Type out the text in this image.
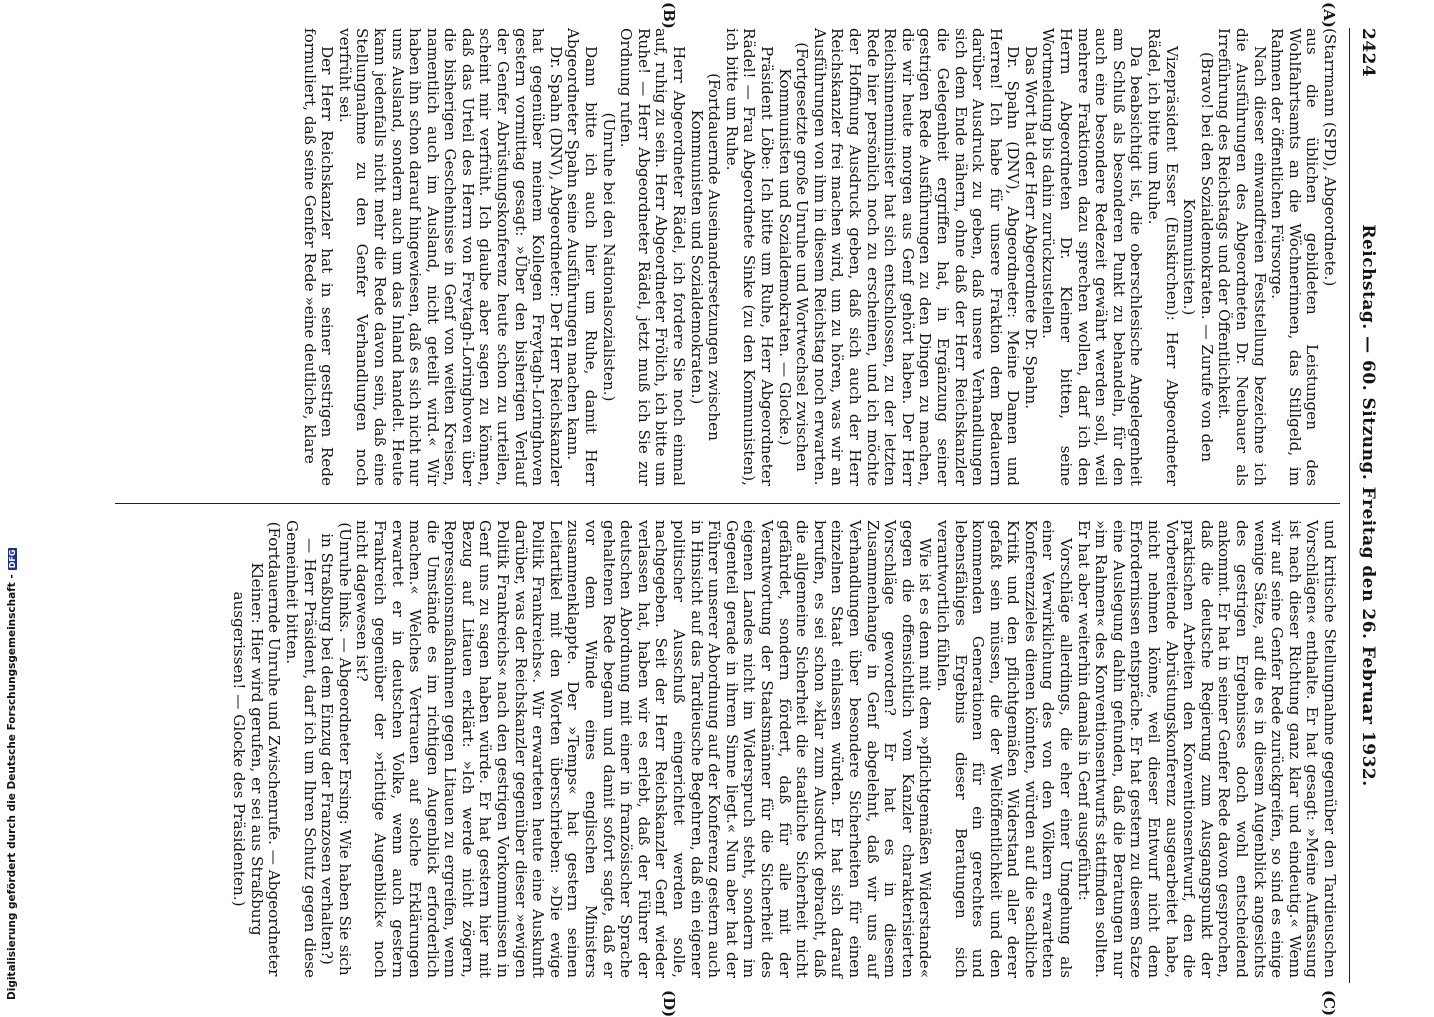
2424
Reichstag. — 60. Sitzung. Freitag den 26. Februar 1932.
(A)
(B)
(C)
(D)

(Starrmann (SPD), Abgeordnete.)

aus die üblichen gebildeten Leistungen des Wohlfahrtsamts an die Wöchnerinnen, das Stillgeld, im Rahmen der öffentlichen Fürsorge.

Nach dieser einwandfreien Feststellung bezeichne ich die Ausführungen des Abgeordneten Dr. Neubauer als Irreführung des Reichstags und der Öffentlichkeit.

(Bravo! bei den Sozialdemokraten. — Zurufe von den Kommunisten.)

Vizepräsident Esser (Euskirchen): Herr Abgeordneter Rädel, ich bitte um Ruhe.

Da beabsichtigt ist, die oberschlesische Angelegenheit am Schluß als besonderen Punkt zu behandeln, für den auch eine besondere Redezeit gewährt werden soll, weil mehrere Fraktionen dazu sprechen wollen, darf ich den Herrn Abgeordneten Dr. Kleiner bitten, seine Wortmeldung bis dahin zurückzustellen.

Das Wort hat der Herr Abgeordnete Dr. Spahn.

Dr. Spahn (DNV), Abgeordneter: Meine Damen und Herren! Ich habe für unsere Fraktion dem Bedauern darüber Ausdruck zu geben, daß unsere Verhandlungen sich dem Ende nähern, ohne daß der Herr Reichskanzler die Gelegenheit ergriffen hat, in Ergänzung seiner gestrigen Rede Ausführungen zu den Dingen zu machen, die wir heute morgen aus Genf gehört haben. Der Herr Reichsinnenminister hat sich entschlossen, zu der letzten Rede hier persönlich noch zu erscheinen, und ich möchte der Hoffnung Ausdruck geben, daß sich auch der Herr Reichskanzler frei machen wird, um zu hören, was wir an Ausführungen von ihm in diesem Reichstag noch erwarten.

(Fortgesetzte große Unruhe und Wortwechsel zwischen Kommunisten und Sozialdemokraten. — Glocke.)

Präsident Löbe: Ich bitte um Ruhe, Herr Abgeordneter Rädel! — Frau Abgeordnete Sinke (zu den Kommunisten), ich bitte um Ruhe.

(Fortdauernde Auseinandersetzungen zwischen Kommunisten und Sozialdemokraten.)

Herr Abgeordneter Rädel, ich fordere Sie noch einmal auf, ruhig zu sein. Herr Abgeordneter Frölich, ich bitte um Ruhe! — Herr Abgeordneter Rädel, jetzt muß ich Sie zur Ordnung rufen.

(Unruhe bei den Nationalsozialisten.)

Dann bitte ich auch hier um Ruhe, damit Herr Abgeordneter Spahn seine Ausführungen machen kann.

Dr. Spahn (DNV), Abgeordneter: Der Herr Reichskanzler hat gegenüber meinem Kollegen Freytagh-Loringhoven gestern vormittag gesagt: »Über den bisherigen Verlauf der Genfer Abrüstungskonferenz heute schon zu urteilen, scheint mir verfrüht. Ich glaube aber sagen zu können, daß das Urteil des Herrn von Freytagh-Loringhoven über die bisherigen Geschehnisse in Genf von weiten Kreisen, namentlich auch im Ausland, nicht geteilt wird.« Wir haben ihn schon darauf hingewiesen, daß es sich nicht nur ums Ausland, sondern auch um das Inland handelt. Heute kann jedenfalls nicht mehr die Rede davon sein, daß eine Stellungnahme zu den Genfer Verhandlungen noch verfrüht sei.

Der Herr Reichskanzler hat in seiner gestrigen Rede formuliert, daß seine Genfer Rede »eine deutliche, klare

und kritische Stellungnahme gegenüber den Tardieuschen Vorschlägen« enthalte. Er hat gesagt: »Meine Auffassung ist nach dieser Richtung ganz klar und eindeutig.« Wenn wir auf seine Genfer Rede zurückgreifen, so sind es einige wenige Sätze, auf die es in diesem Augenblick angesichts des gestrigen Ergebnisses doch wohl entscheidend ankommt. Er hat in seiner Genfer Rede davon gesprochen, daß die deutsche Regierung zum Ausgangspunkt der praktischen Arbeiten den Konventionsentwurf, den die Vorbereitende Abrüstungskonferenz ausgearbeitet habe, nicht nehmen könne, weil dieser Entwurf nicht dem Erfordernissen entspräche. Er hat gestern zu diesem Satze eine Auslegung dahin gefunden, daß die Beratungen nur »im Rahmen« des Konventionsentwurfs stattfinden sollten. Er hat aber weiterhin damals in Genf ausgeführt:

Vorschläge allerdings, die eher einer Umgehung als einer Verwirklichung des von den Völkern erwarteten Konferenzzieles dienen könnten, würden auf die sachliche Kritik und den pflichtgemäßen Widerstand aller derer gefaßt sein müssen, die der Weltöffentlichkeit und den kommenden Generationen für ein gerechtes und lebensfähiges Ergebnis dieser Beratungen sich verantwortlich fühlen.

Wie ist es denn mit dem »pflichtgemäßen Widerstande« gegen die offensichtlich vom Kanzler charakterisierten Vorschläge geworden? Er hat es in diesem Zusammenhange in Genf abgelehnt, daß wir uns auf Verhandlungen über besondere Sicherheiten für einen einzelnen Staat einlassen würden. Er hat sich darauf berufen, es sei schon »klar zum Ausdruck gebracht, daß die allgemeine Sicherheit die staatliche Sicherheit nicht gefährdet, sondern fördert, daß für alle mit der Verantwortung der Staatsmänner für die Sicherheit des eigenen Landes nicht im Widerspruch steht, sondern im Gegenteil gerade in ihrem Sinne liegt.« Nun aber hat der Führer unserer Abordnung auf der Konferenz gestern auch in Hinsicht auf das Tardieusche Begehren, daß ein eigener politischer Ausschuß eingerichtet werden solle, nachgegeben. Seit der Herr Reichskanzler Genf wieder verlassen hat, haben wir es erlebt, daß der Führer der deutschen Abordnung mit einer in französischer Sprache gehaltenen Rede begann und damit sofort sagte, daß er vor dem Winde eines englischen Ministers zusammenklappte. Der »Temps« hat gestern seinen Leitartikel mit den Worten überschrieben: »Die ewige Politik Frankreichs«. Wir erwarteten heute eine Auskunft darüber, was der Reichskanzler gegenüber dieser »ewigen Politik Frankreichs« nach den gestrigen Vorkommnissen in Genf uns zu sagen haben würde. Er hat gestern hier mit Bezug auf Litauen erklärt: »Ich werde nicht zögern, Repressionsmaßnahmen gegen Litauen zu ergreifen, wenn die Umstände es im richtigen Augenblick erforderlich machen.« Welches Vertrauen auf solche Erklärungen erwartet er in deutschen Volke, wenn auch gestern Frankreich gegenüber der »richtige Augenblick« noch nicht dagewesen ist?

(Unruhe links. — Abgeordneter Ersing: Wie haben Sie sich in Straßburg bei dem Einzug der Franzosen verhalten?)

— Herr Präsident, darf ich um Ihren Schutz gegen diese Gemeinheit bitten.

(Fortdauernde Unruhe und Zwischenrufe. — Abgeordneter Kleiner: Hier wird gerufen, er sei aus Straßburg ausgerissen! — Glocke des Präsidenten.)

Digitalisierung gefördert durch die Deutsche Forschungsgemeinschaft -DFG
